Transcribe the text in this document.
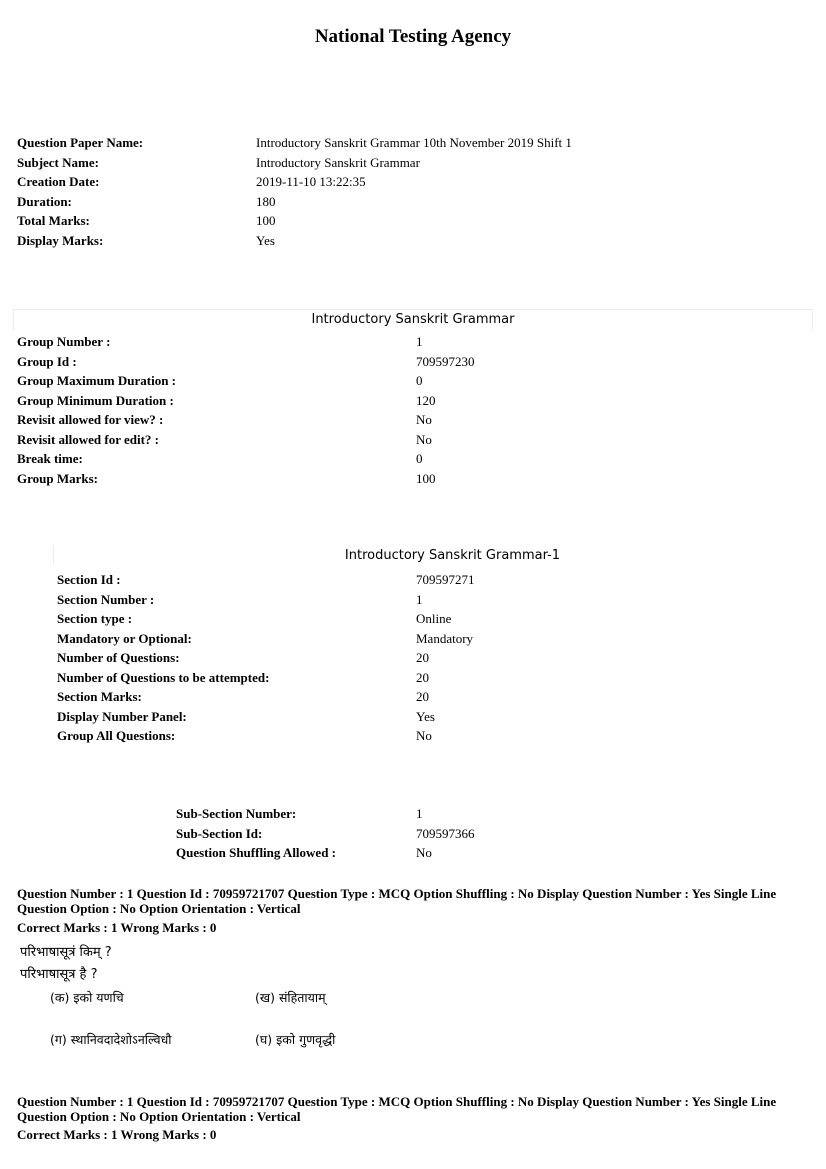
National Testing Agency
Question Paper Name:	Introductory Sanskrit Grammar 10th November 2019 Shift 1
Subject Name:	Introductory Sanskrit Grammar
Creation Date:	2019-11-10 13:22:35
Duration:	180
Total Marks:	100
Display Marks:	Yes
Introductory Sanskrit Grammar
Group Number :	1
Group Id :	709597230
Group Maximum Duration :	0
Group Minimum Duration :	120
Revisit allowed for view? :	No
Revisit allowed for edit? :	No
Break time:	0
Group Marks:	100
Introductory Sanskrit Grammar-1
Section Id :	709597271
Section Number :	1
Section type :	Online
Mandatory or Optional:	Mandatory
Number of Questions:	20
Number of Questions to be attempted:	20
Section Marks:	20
Display Number Panel:	Yes
Group All Questions:	No
Sub-Section Number:	1
Sub-Section Id:	709597366
Question Shuffling Allowed :	No
Question Number : 1 Question Id : 70959721707 Question Type : MCQ Option Shuffling : No Display Question Number : Yes Single Line Question Option : No Option Orientation : Vertical
Correct Marks : 1 Wrong Marks : 0
परिभाषासूत्रं किम् ?
परिभाषासूत्र है ?
(क) इको यणचि	(ख) संहितायाम्
(ग) स्थानिवदादेशोऽनल्विधौ	(घ) इको गुणवृद्धी
Question Number : 1 Question Id : 70959721707 Question Type : MCQ Option Shuffling : No Display Question Number : Yes Single Line Question Option : No Option Orientation : Vertical
Correct Marks : 1 Wrong Marks : 0
